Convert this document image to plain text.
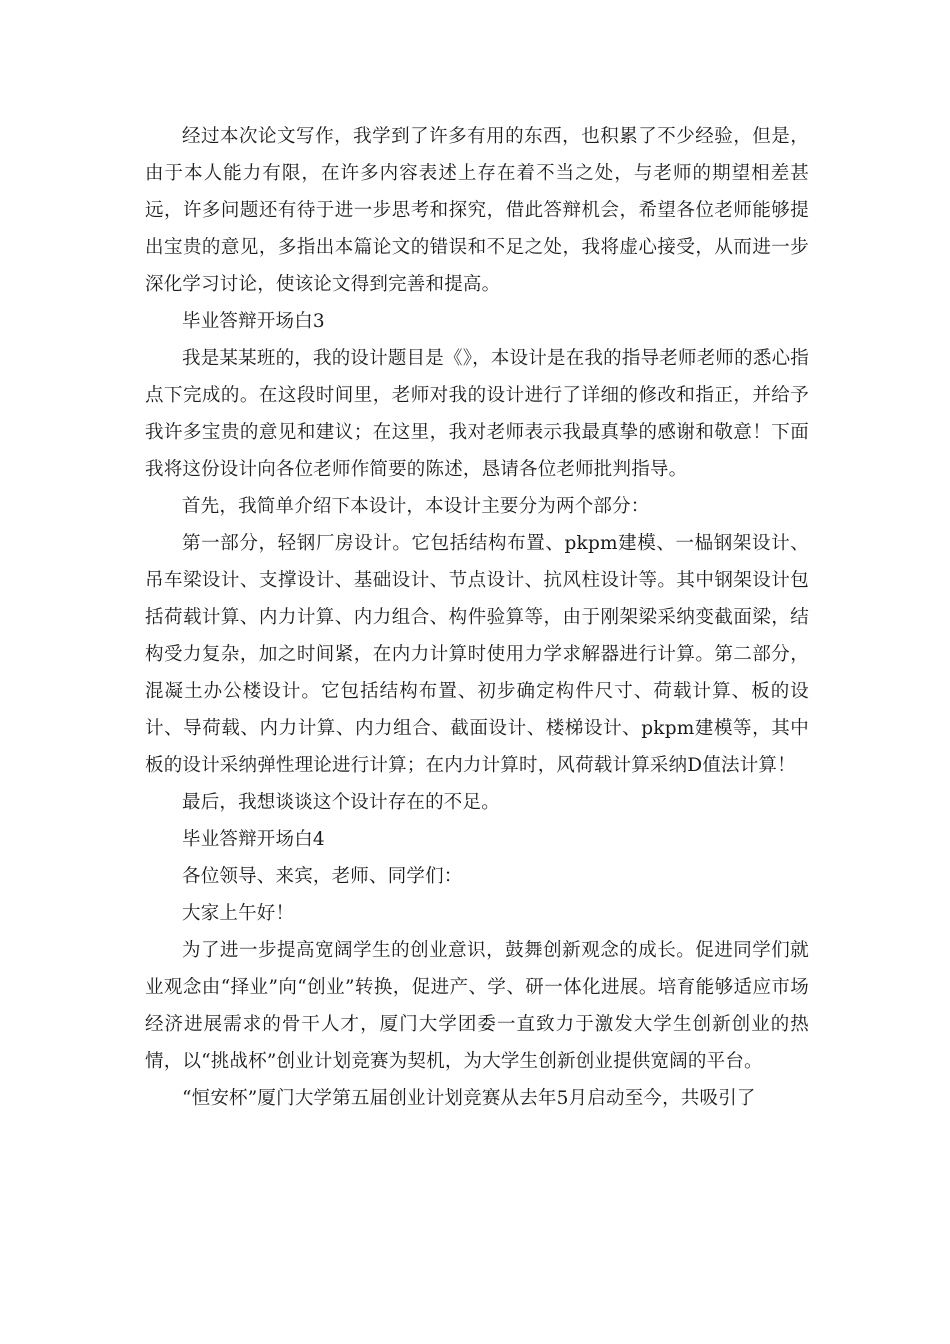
经过本次论文写作，我学到了许多有用的东西，也积累了不少经验，但是，由于本人能力有限，在许多内容表述上存在着不当之处，与老师的期望相差甚远，许多问题还有待于进一步思考和探究，借此答辩机会，希望各位老师能够提出宝贵的意见，多指出本篇论文的错误和不足之处，我将虚心接受，从而进一步深化学习讨论，使该论文得到完善和提高。

毕业答辩开场白3

我是某某班的，我的设计题目是《》，本设计是在我的指导老师老师的悉心指点下完成的。在这段时间里，老师对我的设计进行了详细的修改和指正，并给予我许多宝贵的意见和建议；在这里，我对老师表示我最真挚的感谢和敬意！下面我将这份设计向各位老师作简要的陈述，恳请各位老师批判指导。

首先，我简单介绍下本设计，本设计主要分为两个部分：

第一部分，轻钢厂房设计。它包括结构布置、pkpm建模、一榀钢架设计、吊车梁设计、支撑设计、基础设计、节点设计、抗风柱设计等。其中钢架设计包括荷载计算、内力计算、内力组合、构件验算等，由于刚架梁采纳变截面梁，结构受力复杂，加之时间紧，在内力计算时使用力学求解器进行计算。第二部分，混凝土办公楼设计。它包括结构布置、初步确定构件尺寸、荷载计算、板的设计、导荷载、内力计算、内力组合、截面设计、楼梯设计、pkpm建模等，其中板的设计采纳弹性理论进行计算；在内力计算时，风荷载计算采纳D值法计算！

最后，我想谈谈这个设计存在的不足。

毕业答辩开场白4

各位领导、来宾，老师、同学们：

大家上午好！

为了进一步提高宽阔学生的创业意识，鼓舞创新观念的成长。促进同学们就业观念由“择业”向“创业”转换，促进产、学、研一体化进展。培育能够适应市场经济进展需求的骨干人才，厦门大学团委一直致力于激发大学生创新创业的热情，以“挑战杯”创业计划竞赛为契机，为大学生创新创业提供宽阔的平台。

“恒安杯”厦门大学第五届创业计划竞赛从去年5月启动至今，共吸引了
